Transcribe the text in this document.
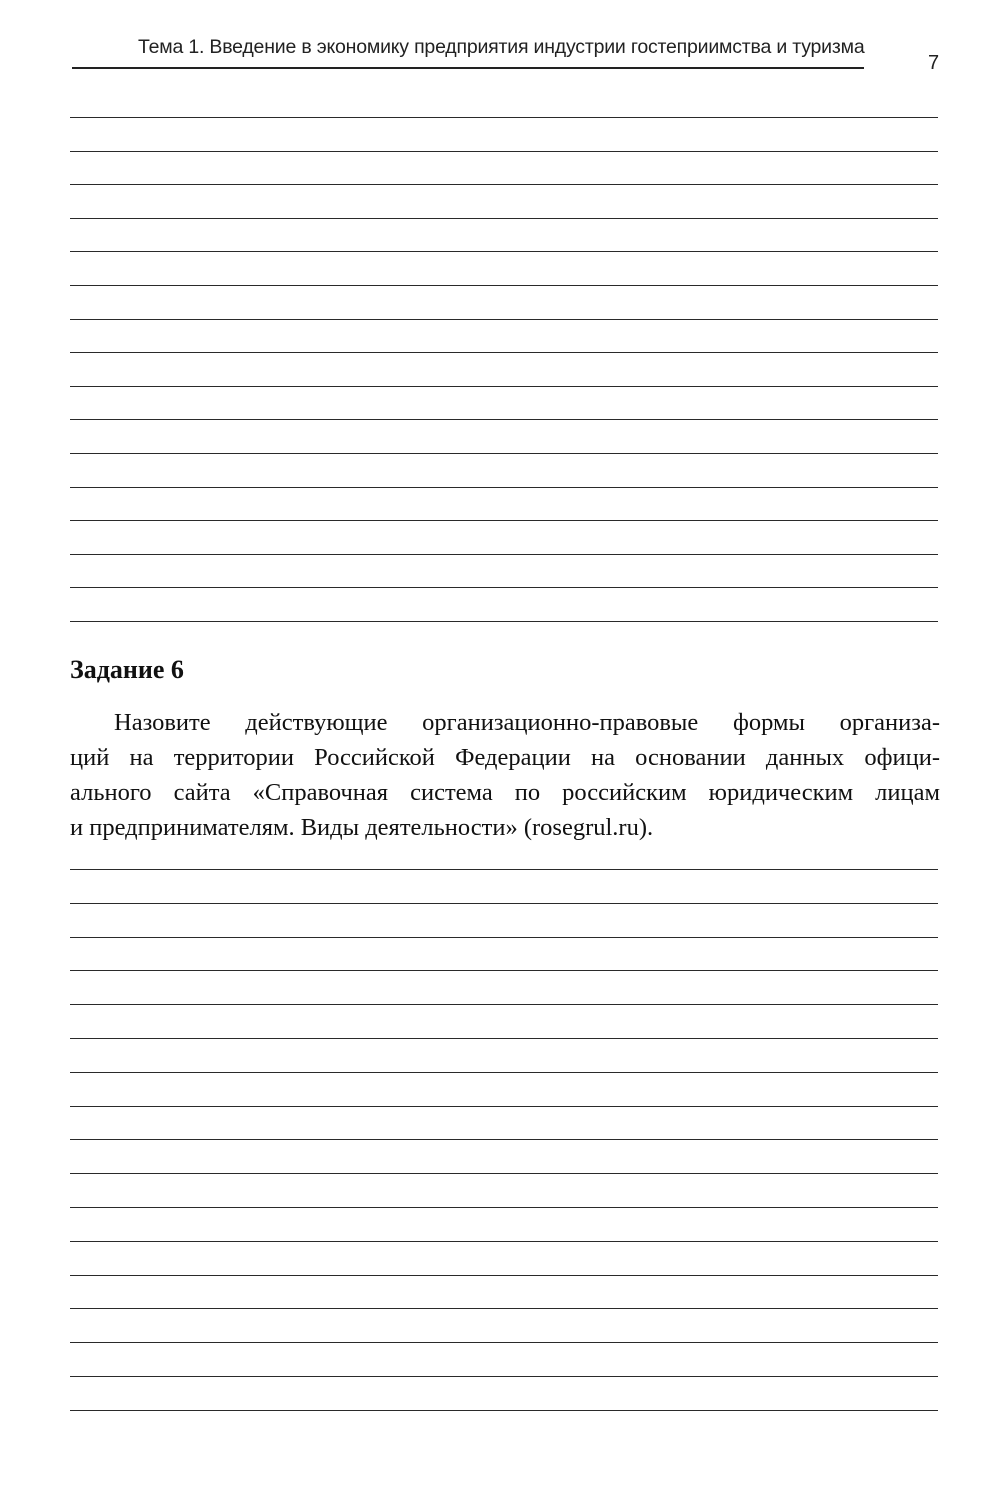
Тема 1. Введение в экономику предприятия индустрии гостеприимства и туризма
7
Задание 6
Назовите действующие организационно-правовые формы организа-
ций на территории Российской Федерации на основании данных офици-
ального сайта «Справочная система по российским юридическим лицам
и предпринимателям. Виды деятельности» (rosegrul.ru).
